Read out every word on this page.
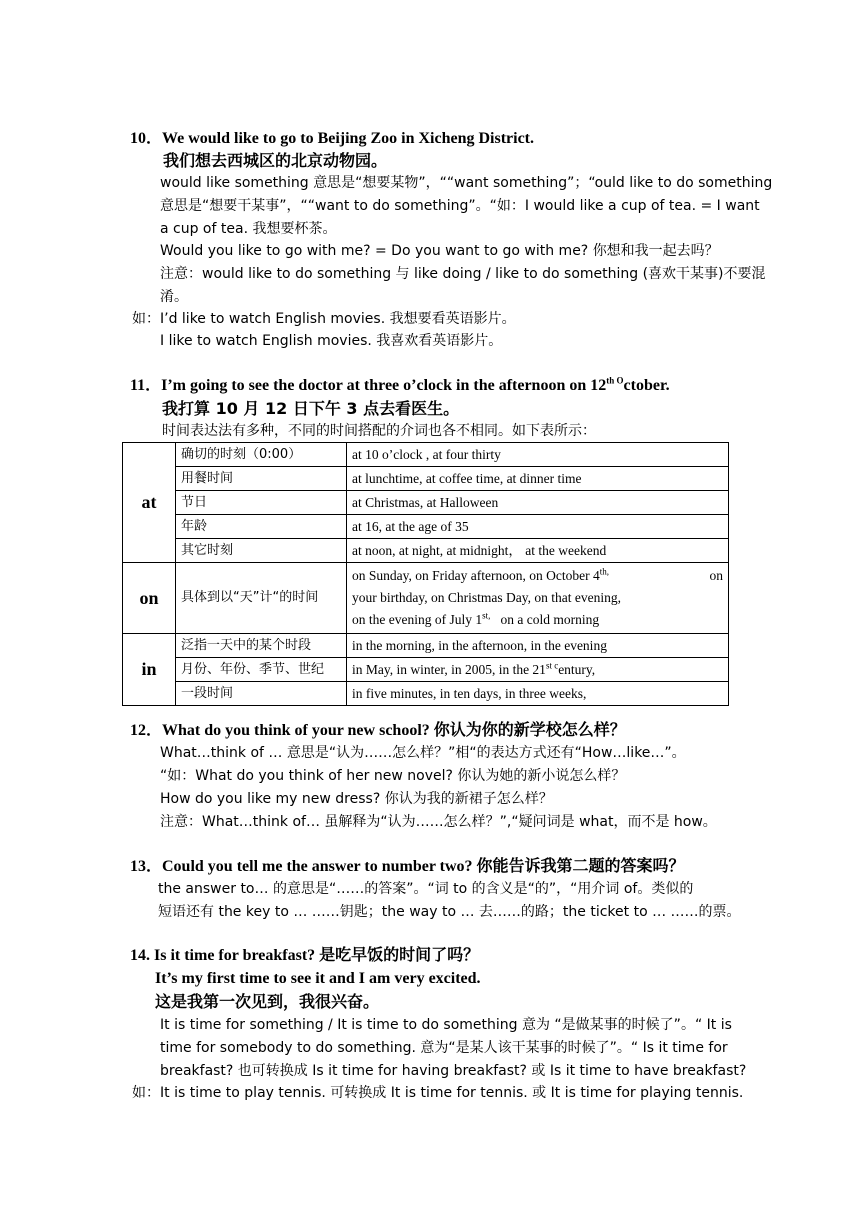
10．We would like to go to Beijing Zoo in Xicheng District.
我们想去西城区的北京动物园。
would like something 意思是“想要某物”，““want something”；“ould like to do something
意思是“想要干某事”，““want to do something”。“如：I would like a cup of tea. = I want
a cup of tea. 我想要杯茶。
Would you like to go with me? = Do you want to go with me? 你想和我一起去吗？
注意：would like to do something 与 like doing / like to do something (喜欢干某事)不要混
淆。
如：I’d like to watch English movies. 我想要看英语影片。
I like to watch English movies. 我喜欢看英语影片。
11．I’m going to see the doctor at three o’clock in the afternoon on $12^{th O}ctober$.
我打算 10 月 12 日下午 3 点去看医生。
时间表达法有多种，不同的时间搭配的介词也各不相同。如下表所示：
at	确切的时刻（0:00）	at 10 o’clock , at four thirty
	用餐时间	at lunchtime, at coffee time, at dinner time
	节日	at Christmas, at Halloween
	年龄	at 16, at the age of 35
	其它时刻	at noon, at night, at midnight， at the weekend
on	具体到以“天”计“的时间	on Sunday, on Friday afternoon, on October $4^{th,}$ on
your birthday, on Christmas Day, on that evening,
on the evening of July $1^{st,}$ on a cold morning

in	泛指一天中的某个时段	in the morning, in the afternoon, in the evening
	月份、年份、季节、世纪	in May, in winter, in 2005, in the $21^{st c}entury$,
	一段时间	in five minutes, in ten days, in three weeks,
12．What do you think of your new school? 你认为你的新学校怎么样？
What…think of … 意思是“认为……怎么样？”相“的表达方式还有“How…like…”。
“如：What do you think of her new novel? 你认为她的新小说怎么样？
How do you like my new dress? 你认为我的新裙子怎么样？
注意：What…think of… 虽解释为“认为……怎么样？”,“疑问词是 what，而不是 how。
13．Could you tell me the answer to number two? 你能告诉我第二题的答案吗？
the answer to… 的意思是“……的答案”。“词 to 的含义是“的”，“用介词 of。类似的
短语还有 the key to … ……钥匙；the way to … 去……的路；the ticket to … ……的票。
14. Is it time for breakfast? 是吃早饭的时间了吗？
It’s my first time to see it and I am very excited.
这是我第一次见到，我很兴奋。
It is time for something / It is time to do something 意为 “是做某事的时候了”。“ It is
time for somebody to do something. 意为“是某人该干某事的时候了”。“ Is it time for
breakfast? 也可转换成 Is it time for having breakfast? 或 Is it time to have breakfast?
如：It is time to play tennis. 可转换成 It is time for tennis. 或 It is time for playing tennis.
